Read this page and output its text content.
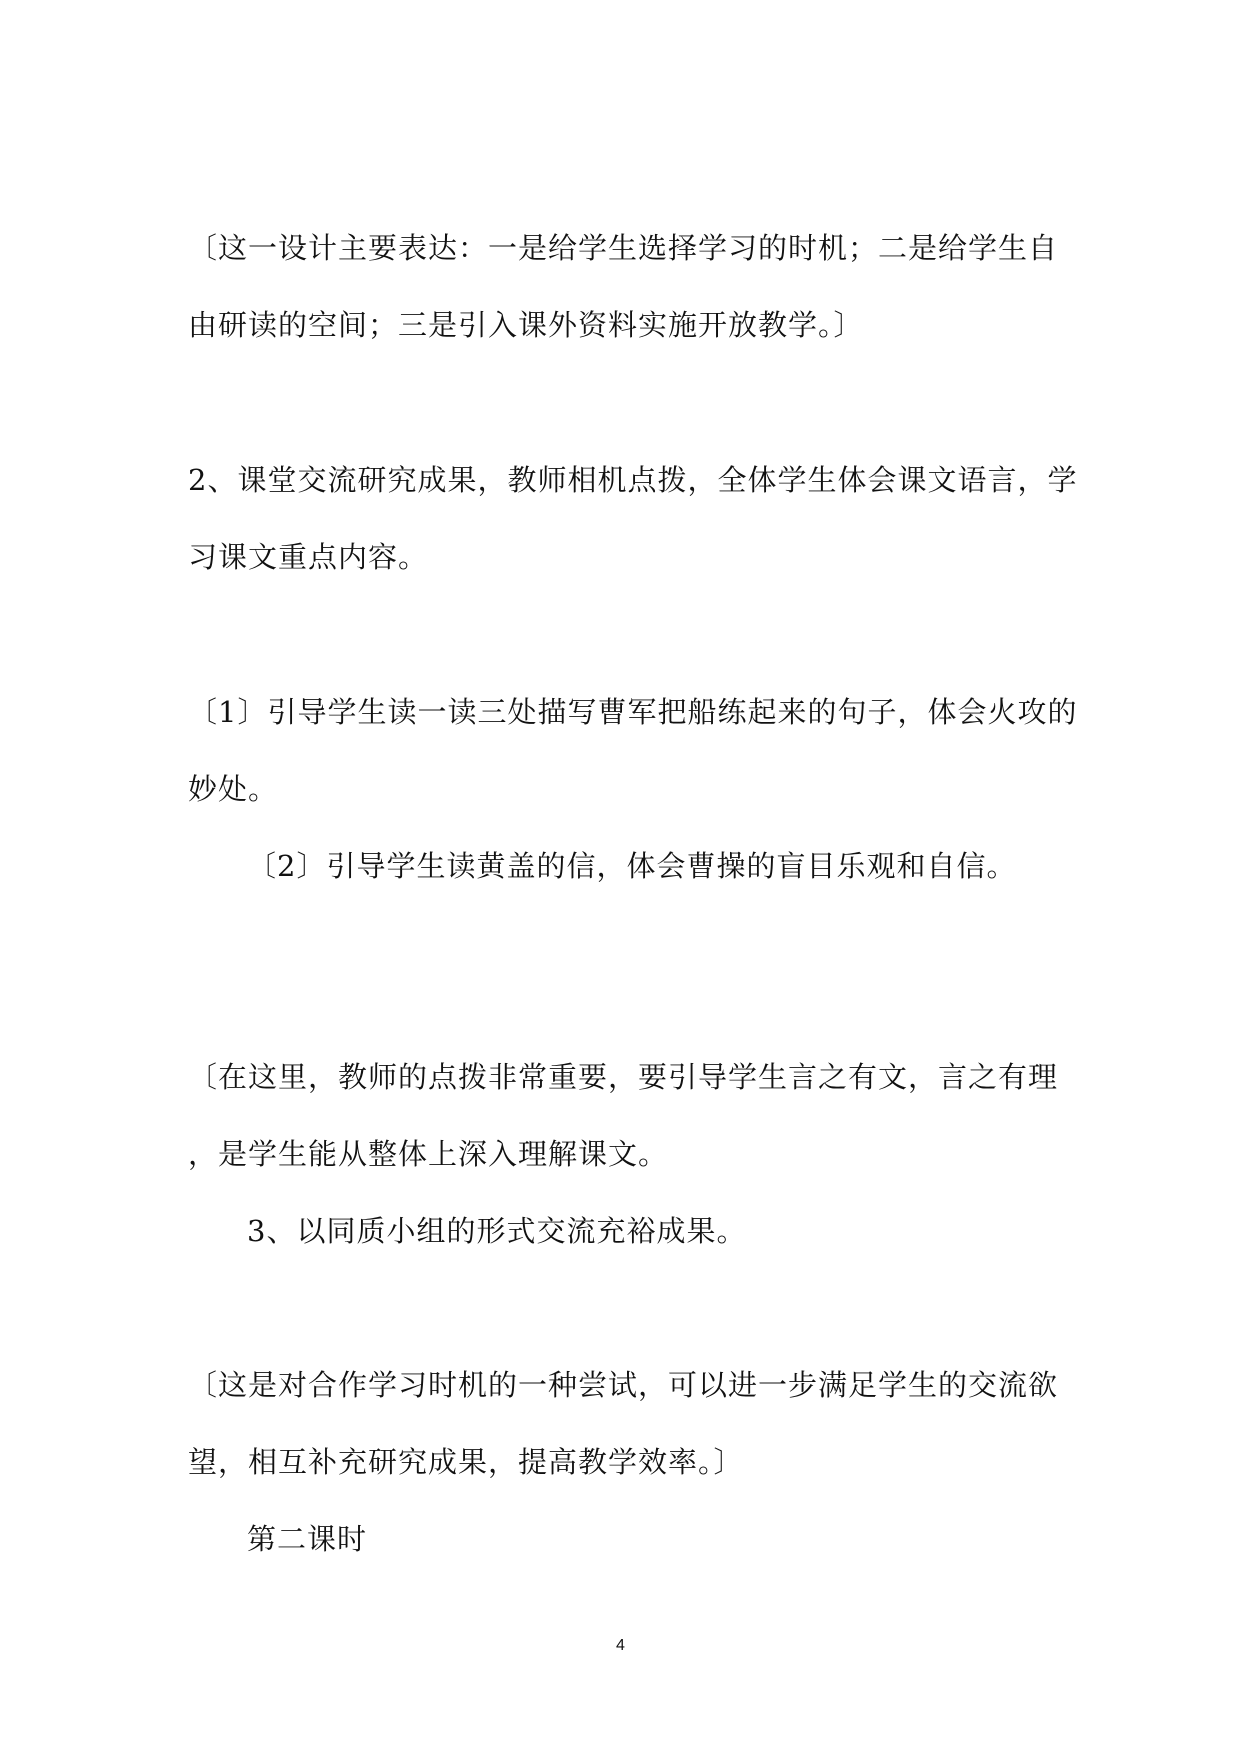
〔这一设计主要表达：一是给学生选择学习的时机；二是给学生自
由研读的空间；三是引入课外资料实施开放教学。〕
2、课堂交流研究成果，教师相机点拨，全体学生体会课文语言，学
习课文重点内容。
〔1〕引导学生读一读三处描写曹军把船练起来的句子，体会火攻的
妙处。
〔2〕引导学生读黄盖的信，体会曹操的盲目乐观和自信。
〔在这里，教师的点拨非常重要，要引导学生言之有文，言之有理
，是学生能从整体上深入理解课文。
3、以同质小组的形式交流充裕成果。
〔这是对合作学习时机的一种尝试，可以进一步满足学生的交流欲
望，相互补充研究成果，提高教学效率。〕
第二课时
4
